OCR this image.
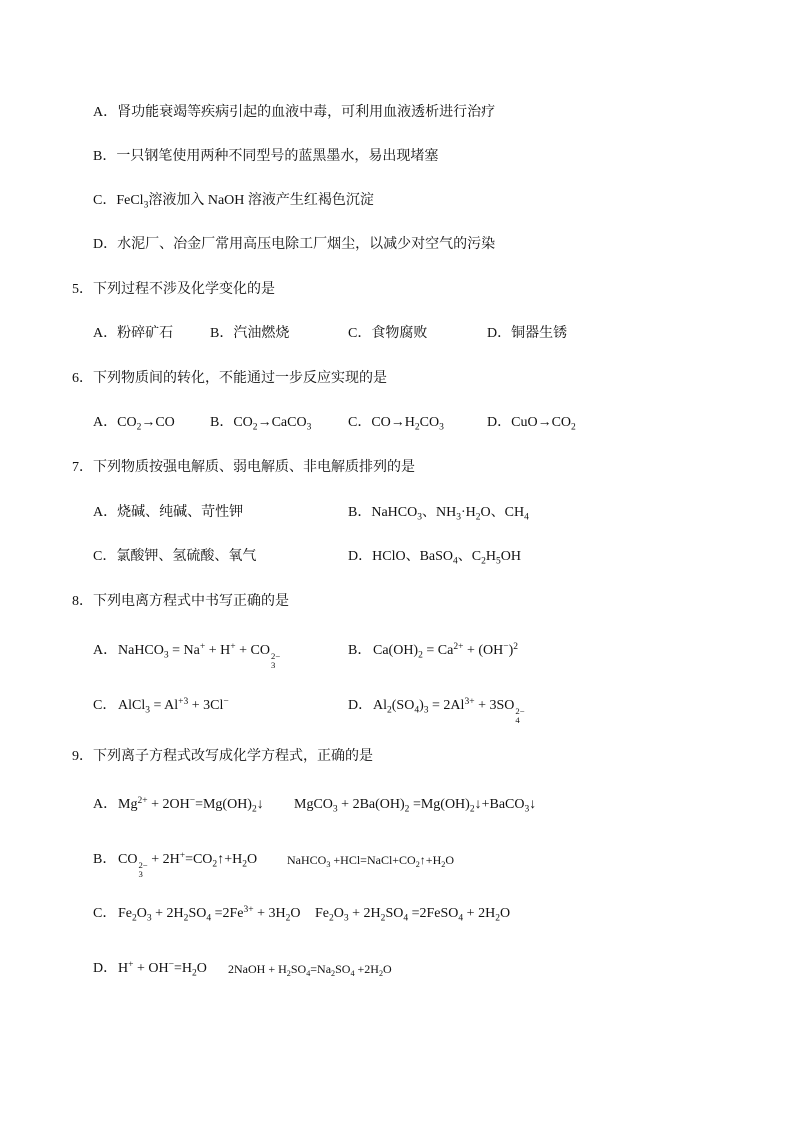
A．肾功能衰竭等疾病引起的血液中毒，可利用血液透析进行治疗
B．一只钢笔使用两种不同型号的蓝黑墨水，易出现堵塞
C．FeCl$_3$溶液加入 NaOH 溶液产生红褐色沉淀
D．水泥厂、冶金厂常用高压电除工厂烟尘，以减少对空气的污染
5．下列过程不涉及化学变化的是
A．粉碎矿石	B．汽油燃烧	C．食物腐败	D．铜器生锈
6．下列物质间的转化，不能通过一步反应实现的是
A．$CO_2\to CO$	B．$CO_2\to CaCO_3$	C．$CO\to H_2CO_3$	D．$CuO\to CO_2$
7．下列物质按强电解质、弱电解质、非电解质排列的是
A．烧碱、纯碱、苛性钾	B．NaHCO$_3$、$NH_3\cdot H_2O$、$CH_4$
C．氯酸钾、氢硫酸、氧气	D．HClO、BaSO$_4$、$C_2H_5OH$
8．下列电离方程式中书写正确的是
A．NaHCO$_3$ = Na+ + H+ + CO 2−
3
B． $Ca(OH)_2 = Ca^{2+} + (OH^-)^2$
C． AlCl$_3$ = $Al^{+3} + 3Cl^-$	D．$Al_2(SO_4)_3 = 2Al^{3+} + 3SO$ 2−
4
9．下列离子方程式改写成化学方程式，正确的是
A．$Mg^{2+}$ + $2OH^-=Mg(OH)_2↓$ MgCO$_3$ + $2Ba(OH)_2$ $=Mg(OH)_2↓+BaCO_3↓$
B． CO 2−
3
+ $2H^+=CO_2↑+H_2O$ NaHCO$_3$ $+HCl=NaCl+CO_2↑+H_2O$
C． $Fe_2O_3 + 2H_2SO_4 =2Fe^{3+} + 3H_2O$ $Fe_2O_3 + 2H_2SO_4$ =2FeSO$_4$ + $2H_2O$
D．$H^+ + OH^-=H_2O$ 2NaOH + $H_2SO_4=Na_2SO_4 +2H_2O$
